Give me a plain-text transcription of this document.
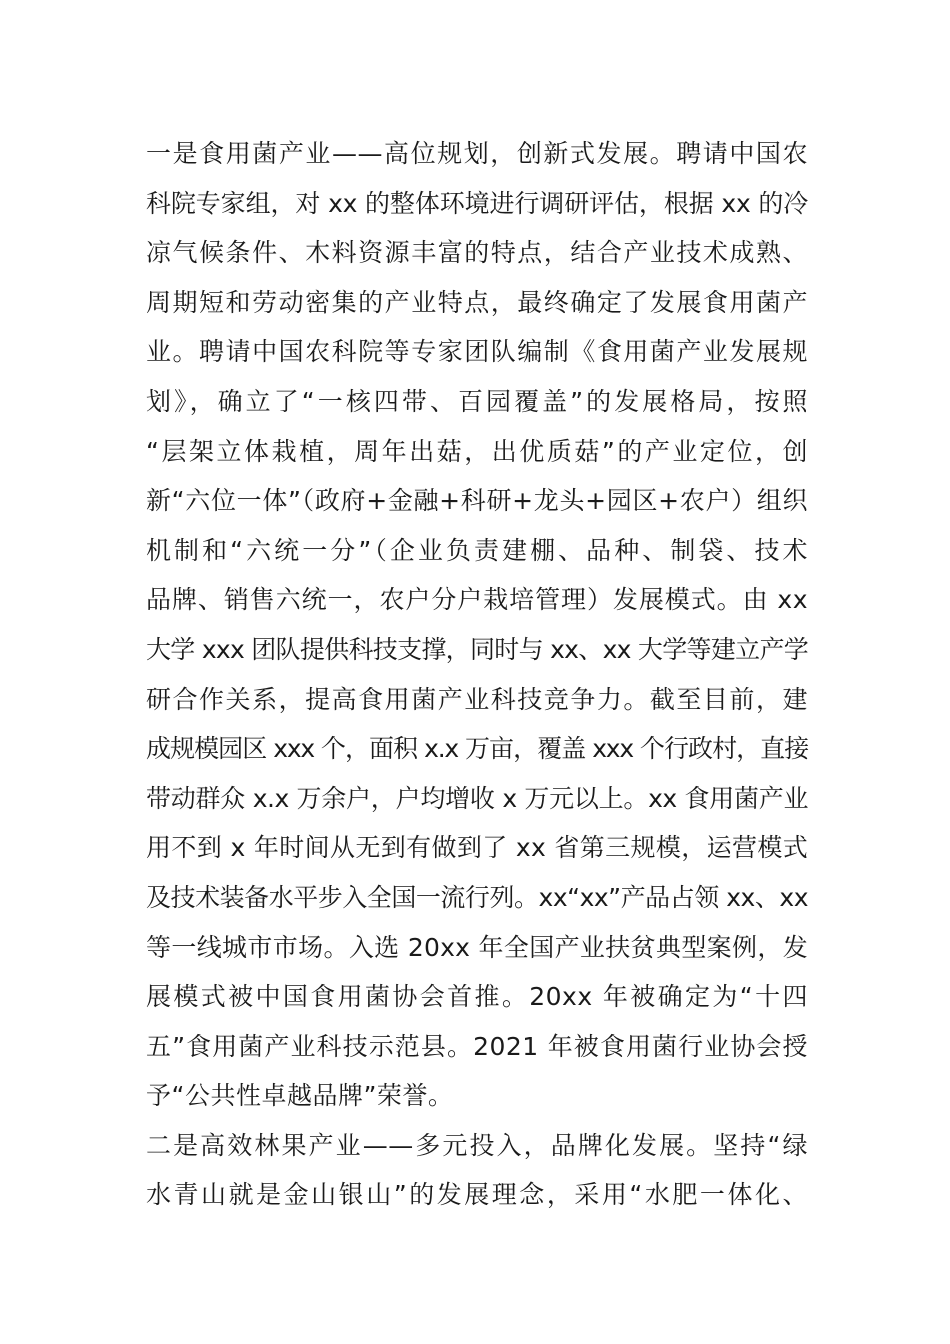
一是食用菌产业——高位规划，创新式发展。聘请中国农
科院专家组，对 xx 的整体环境进行调研评估，根据 xx 的冷
凉气候条件、木料资源丰富的特点，结合产业技术成熟、
周期短和劳动密集的产业特点，最终确定了发展食用菌产
业。聘请中国农科院等专家团队编制《食用菌产业发展规
划》，确立了“一核四带、百园覆盖”的发展格局，按照
“层架立体栽植，周年出菇，出优质菇”的产业定位，创
新“六位一体”（政府+金融+科研+龙头+园区+农户）组织
机制和“六统一分”（企业负责建棚、品种、制袋、技术
品牌、销售六统一，农户分户栽培管理）发展模式。由 xx
大学 xxx 团队提供科技支撑，同时与 xx、xx 大学等建立产学
研合作关系，提高食用菌产业科技竞争力。截至目前，建
成规模园区 xxx 个，面积 x.x 万亩，覆盖 xxx 个行政村，直接
带动群众 x.x 万余户，户均增收 x 万元以上。xx 食用菌产业
用不到 x 年时间从无到有做到了 xx 省第三规模，运营模式
及技术装备水平步入全国一流行列。xx“xx”产品占领 xx、xx
等一线城市市场。入选 20xx 年全国产业扶贫典型案例，发
展模式被中国食用菌协会首推。20xx 年被确定为“十四
五”食用菌产业科技示范县。2021 年被食用菌行业协会授
予“公共性卓越品牌”荣誉。
二是高效林果产业——多元投入，品牌化发展。坚持“绿
水青山就是金山银山”的发展理念，采用“水肥一体化、
